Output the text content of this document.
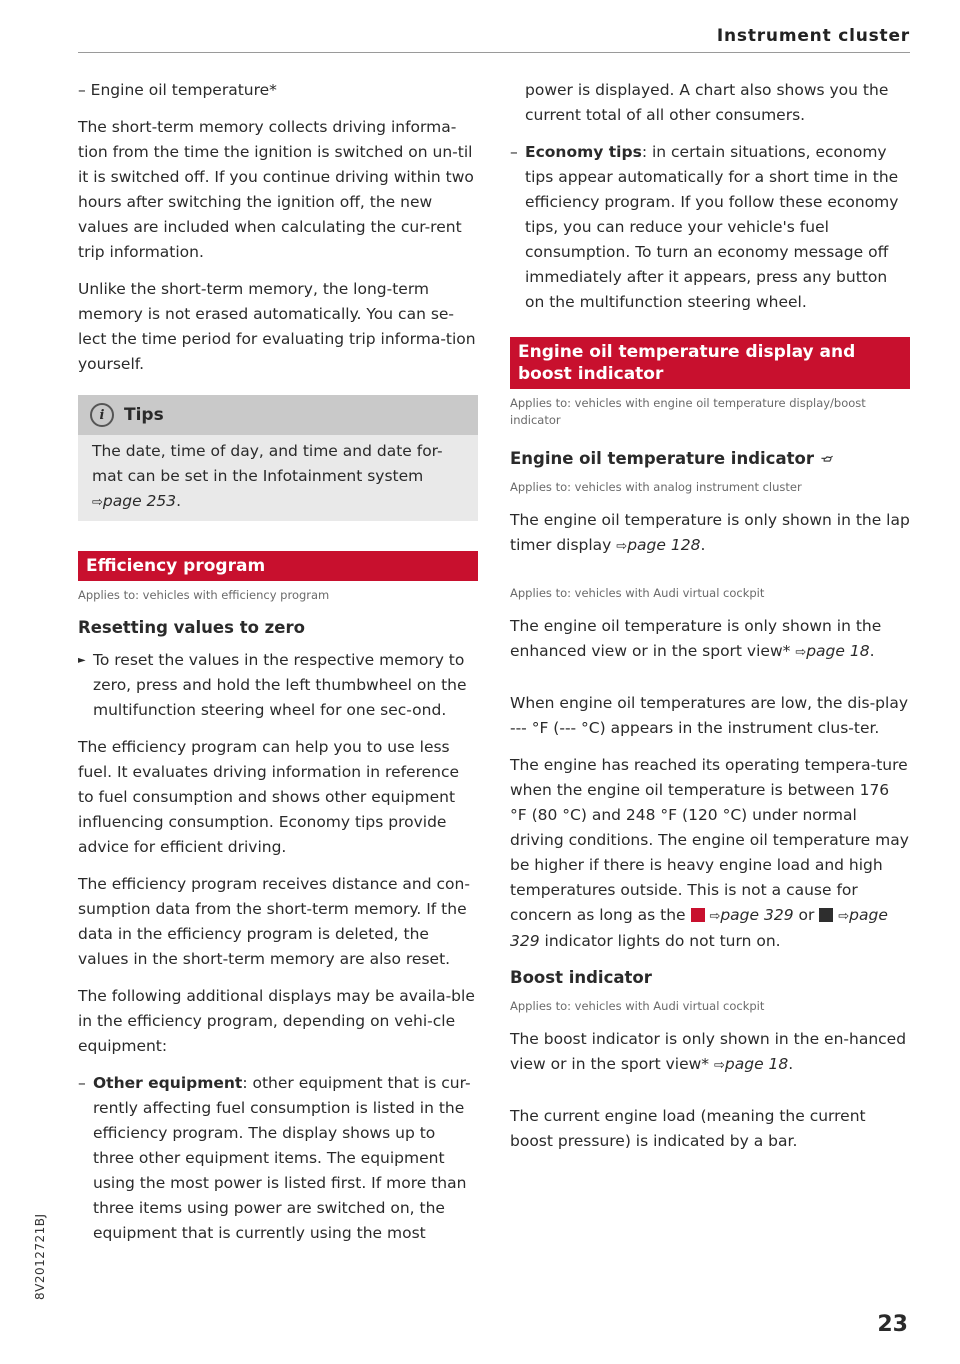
Instrument cluster

– Engine oil temperature*

The short-term memory collects driving informa-tion from the time the ignition is switched on un-til it is switched off. If you continue driving within two hours after switching the ignition off, the new values are included when calculating the cur-rent trip information.

Unlike the short-term memory, the long-term memory is not erased automatically. You can se-lect the time period for evaluating trip informa-tion yourself.

i	Tips

The date, time of day, and time and date for-mat can be set in the Infotainment system ⇨page 253.

Efficiency program
Applies to: vehicles with efficiency program
Resetting values to zero

► To reset the values in the respective memory to zero, press and hold the left thumbwheel on the multifunction steering wheel for one sec-ond.

The efficiency program can help you to use less fuel. It evaluates driving information in reference to fuel consumption and shows other equipment influencing consumption. Economy tips provide advice for efficient driving.

The efficiency program receives distance and con-sumption data from the short-term memory. If the data in the efficiency program is deleted, the values in the short-term memory are also reset.

The following additional displays may be availa-ble in the efficiency program, depending on vehi-cle equipment:

– Other equipment: other equipment that is cur-rently affecting fuel consumption is listed in the efficiency program. The display shows up to three other equipment items. The equipment using the most power is listed first. If more than three items using power are switched on, the equipment that is currently using the most

power is displayed. A chart also shows you the current total of all other consumers.

– Economy tips: in certain situations, economy tips appear automatically for a short time in the efficiency program. If you follow these economy tips, you can reduce your vehicle's fuel consumption. To turn an economy message off immediately after it appears, press any button on the multifunction steering wheel.

Engine oil temperature display and boost indicator
Applies to: vehicles with engine oil temperature display/boost indicator
Engine oil temperature indicator
Applies to: vehicles with analog instrument cluster

The engine oil temperature is only shown in the lap timer display ⇨page 128.

Applies to: vehicles with Audi virtual cockpit

The engine oil temperature is only shown in the enhanced view or in the sport view* ⇨page 18.

When engine oil temperatures are low, the dis-play --- °F (--- °C) appears in the instrument clus-ter.

The engine has reached its operating tempera-ture when the engine oil temperature is between 176 °F (80 °C) and 248 °F (120 °C) under normal driving conditions. The engine oil temperature may be higher if there is heavy engine load and high temperatures outside. This is not a cause for concern as long as the ⇨page 329 or ⇨page 329 indicator lights do not turn on.

Boost indicator
Applies to: vehicles with Audi virtual cockpit

The boost indicator is only shown in the en-hanced view or in the sport view* ⇨page 18.

The current engine load (meaning the current boost pressure) is indicated by a bar.

8V2012721BJ
23
